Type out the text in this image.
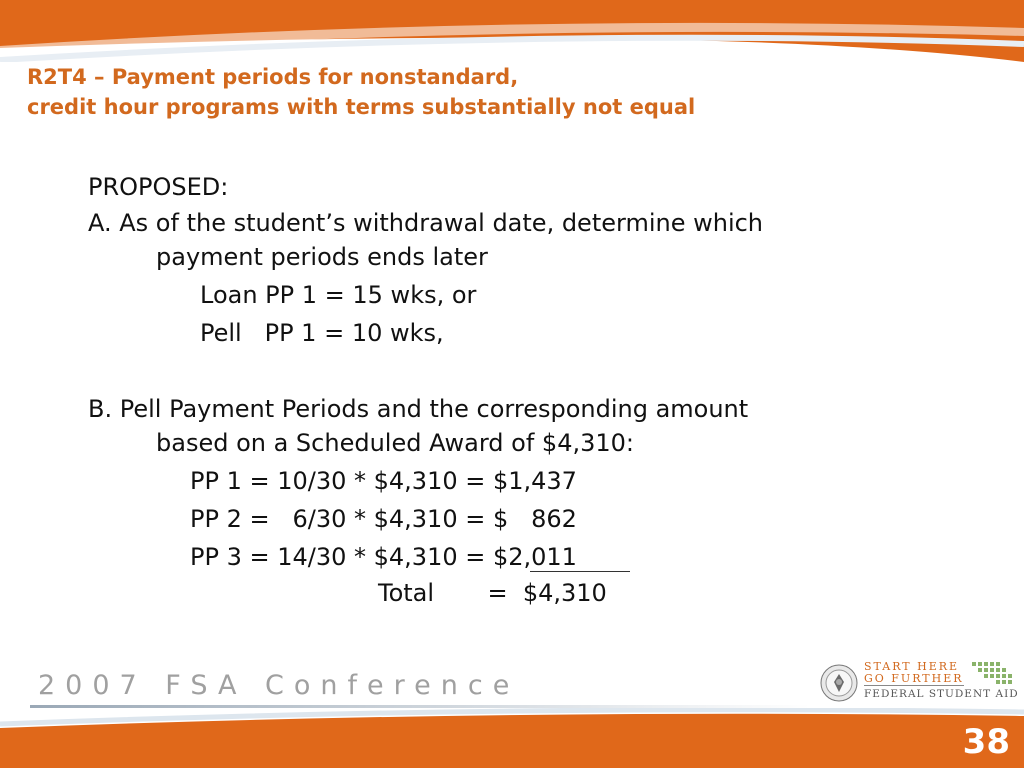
R2T4 – Payment periods for nonstandard,
credit hour programs with terms substantially not equal
PROPOSED:
A. As of the student’s withdrawal date, determine which
payment periods ends later
Loan PP 1 = 15 wks, or
Pell   PP 1 = 10 wks,
B. Pell Payment Periods and the corresponding amount
based on a Scheduled Award of $4,310:
PP 1 = 10/30 * $4,310 = $1,437
PP 2 =   6/30 * $4,310 = $   862
PP 3 = 14/30 * $4,310 = $2,011
Total       =  $4,310
2007 FSA Conference
START HERE
GO FURTHER
FEDERAL STUDENT AID
38
